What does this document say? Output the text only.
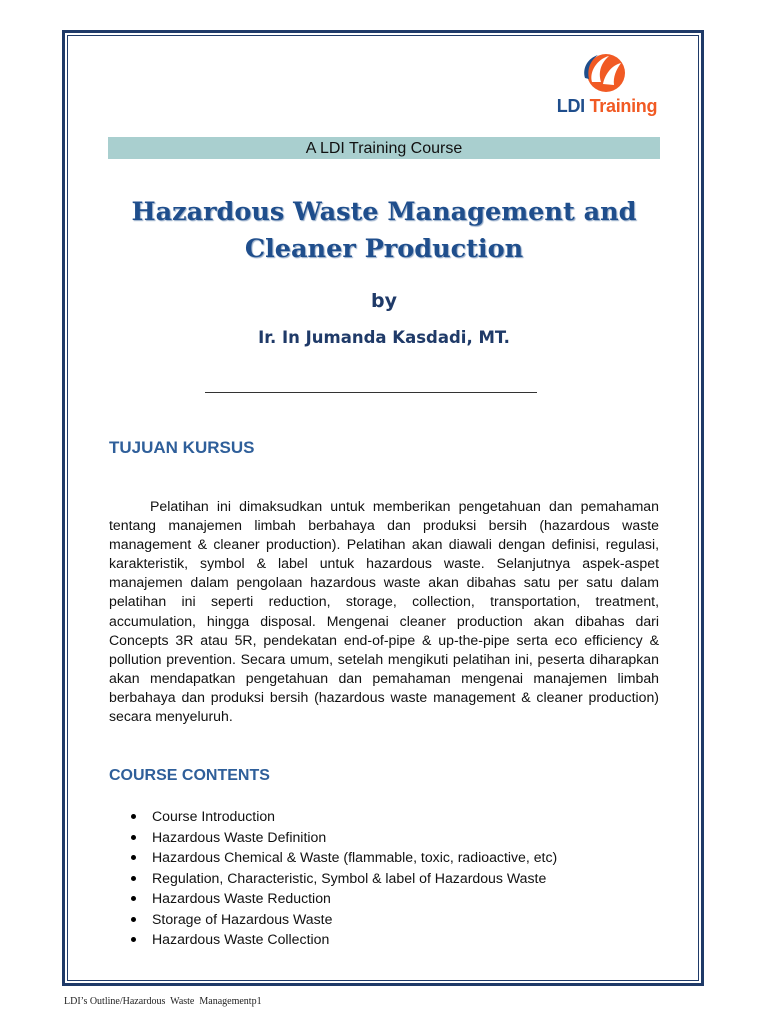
LDI Training
A LDI Training Course
Hazardous Waste Management and
Cleaner Production
by
Ir. In Jumanda Kasdadi, MT.
TUJUAN KURSUS
Pelatihan ini dimaksudkan untuk memberikan pengetahuan dan pemahaman tentang manajemen limbah berbahaya dan produksi bersih (hazardous waste management & cleaner production). Pelatihan akan diawali dengan definisi, regulasi, karakteristik, symbol & label untuk hazardous waste. Selanjutnya aspek-aspet manajemen dalam pengolaan hazardous waste akan dibahas satu per satu dalam pelatihan ini seperti reduction, storage, collection, transportation, treatment, accumulation, hingga disposal. Mengenai cleaner production akan dibahas dari Concepts 3R atau 5R, pendekatan end-of-pipe & up-the-pipe serta eco efficiency & pollution prevention. Secara umum, setelah mengikuti pelatihan ini, peserta diharapkan akan mendapatkan pengetahuan dan pemahaman mengenai manajemen limbah berbahaya dan produksi bersih (hazardous waste management & cleaner production) secara menyeluruh.
COURSE CONTENTS
Course Introduction
Hazardous Waste Definition
Hazardous Chemical & Waste (flammable, toxic, radioactive, etc)
Regulation, Characteristic, Symbol & label of Hazardous Waste
Hazardous Waste Reduction
Storage of Hazardous Waste
Hazardous Waste Collection
LDI’s Outline/Hazardous  Waste  Managementp1
